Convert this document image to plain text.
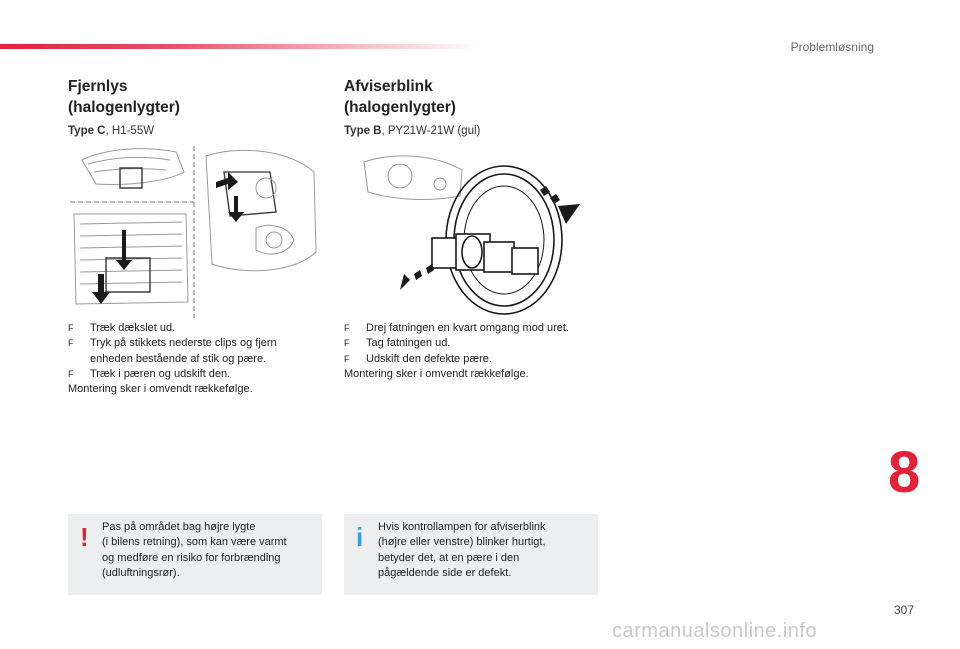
Problemløsning
Fjernlys
(halogenlygter)
Type C, H1-55W
F	Træk dækslet ud.
F	Tryk på stikkets nederste clips og fjern enheden bestående af stik og pære.
F	Træk i pæren og udskift den.
Montering sker i omvendt rækkefølge.
Afviserblink
(halogenlygter)
Type B, PY21W-21W (gul)
F	Drej fatningen en kvart omgang mod uret.
F	Tag fatningen ud.
F	Udskift den defekte pære.
Montering sker i omvendt rækkefølge.
! Pas på området bag højre lygte
(i bilens retning), som kan være varmt
og medføre en risiko for forbrænding
(udluftningsrør).
i Hvis kontrollampen for afviserblink
(højre eller venstre) blinker hurtigt,
betyder det, at en pære i den
pågældende side er defekt.
8
307
carmanualsonline.info
